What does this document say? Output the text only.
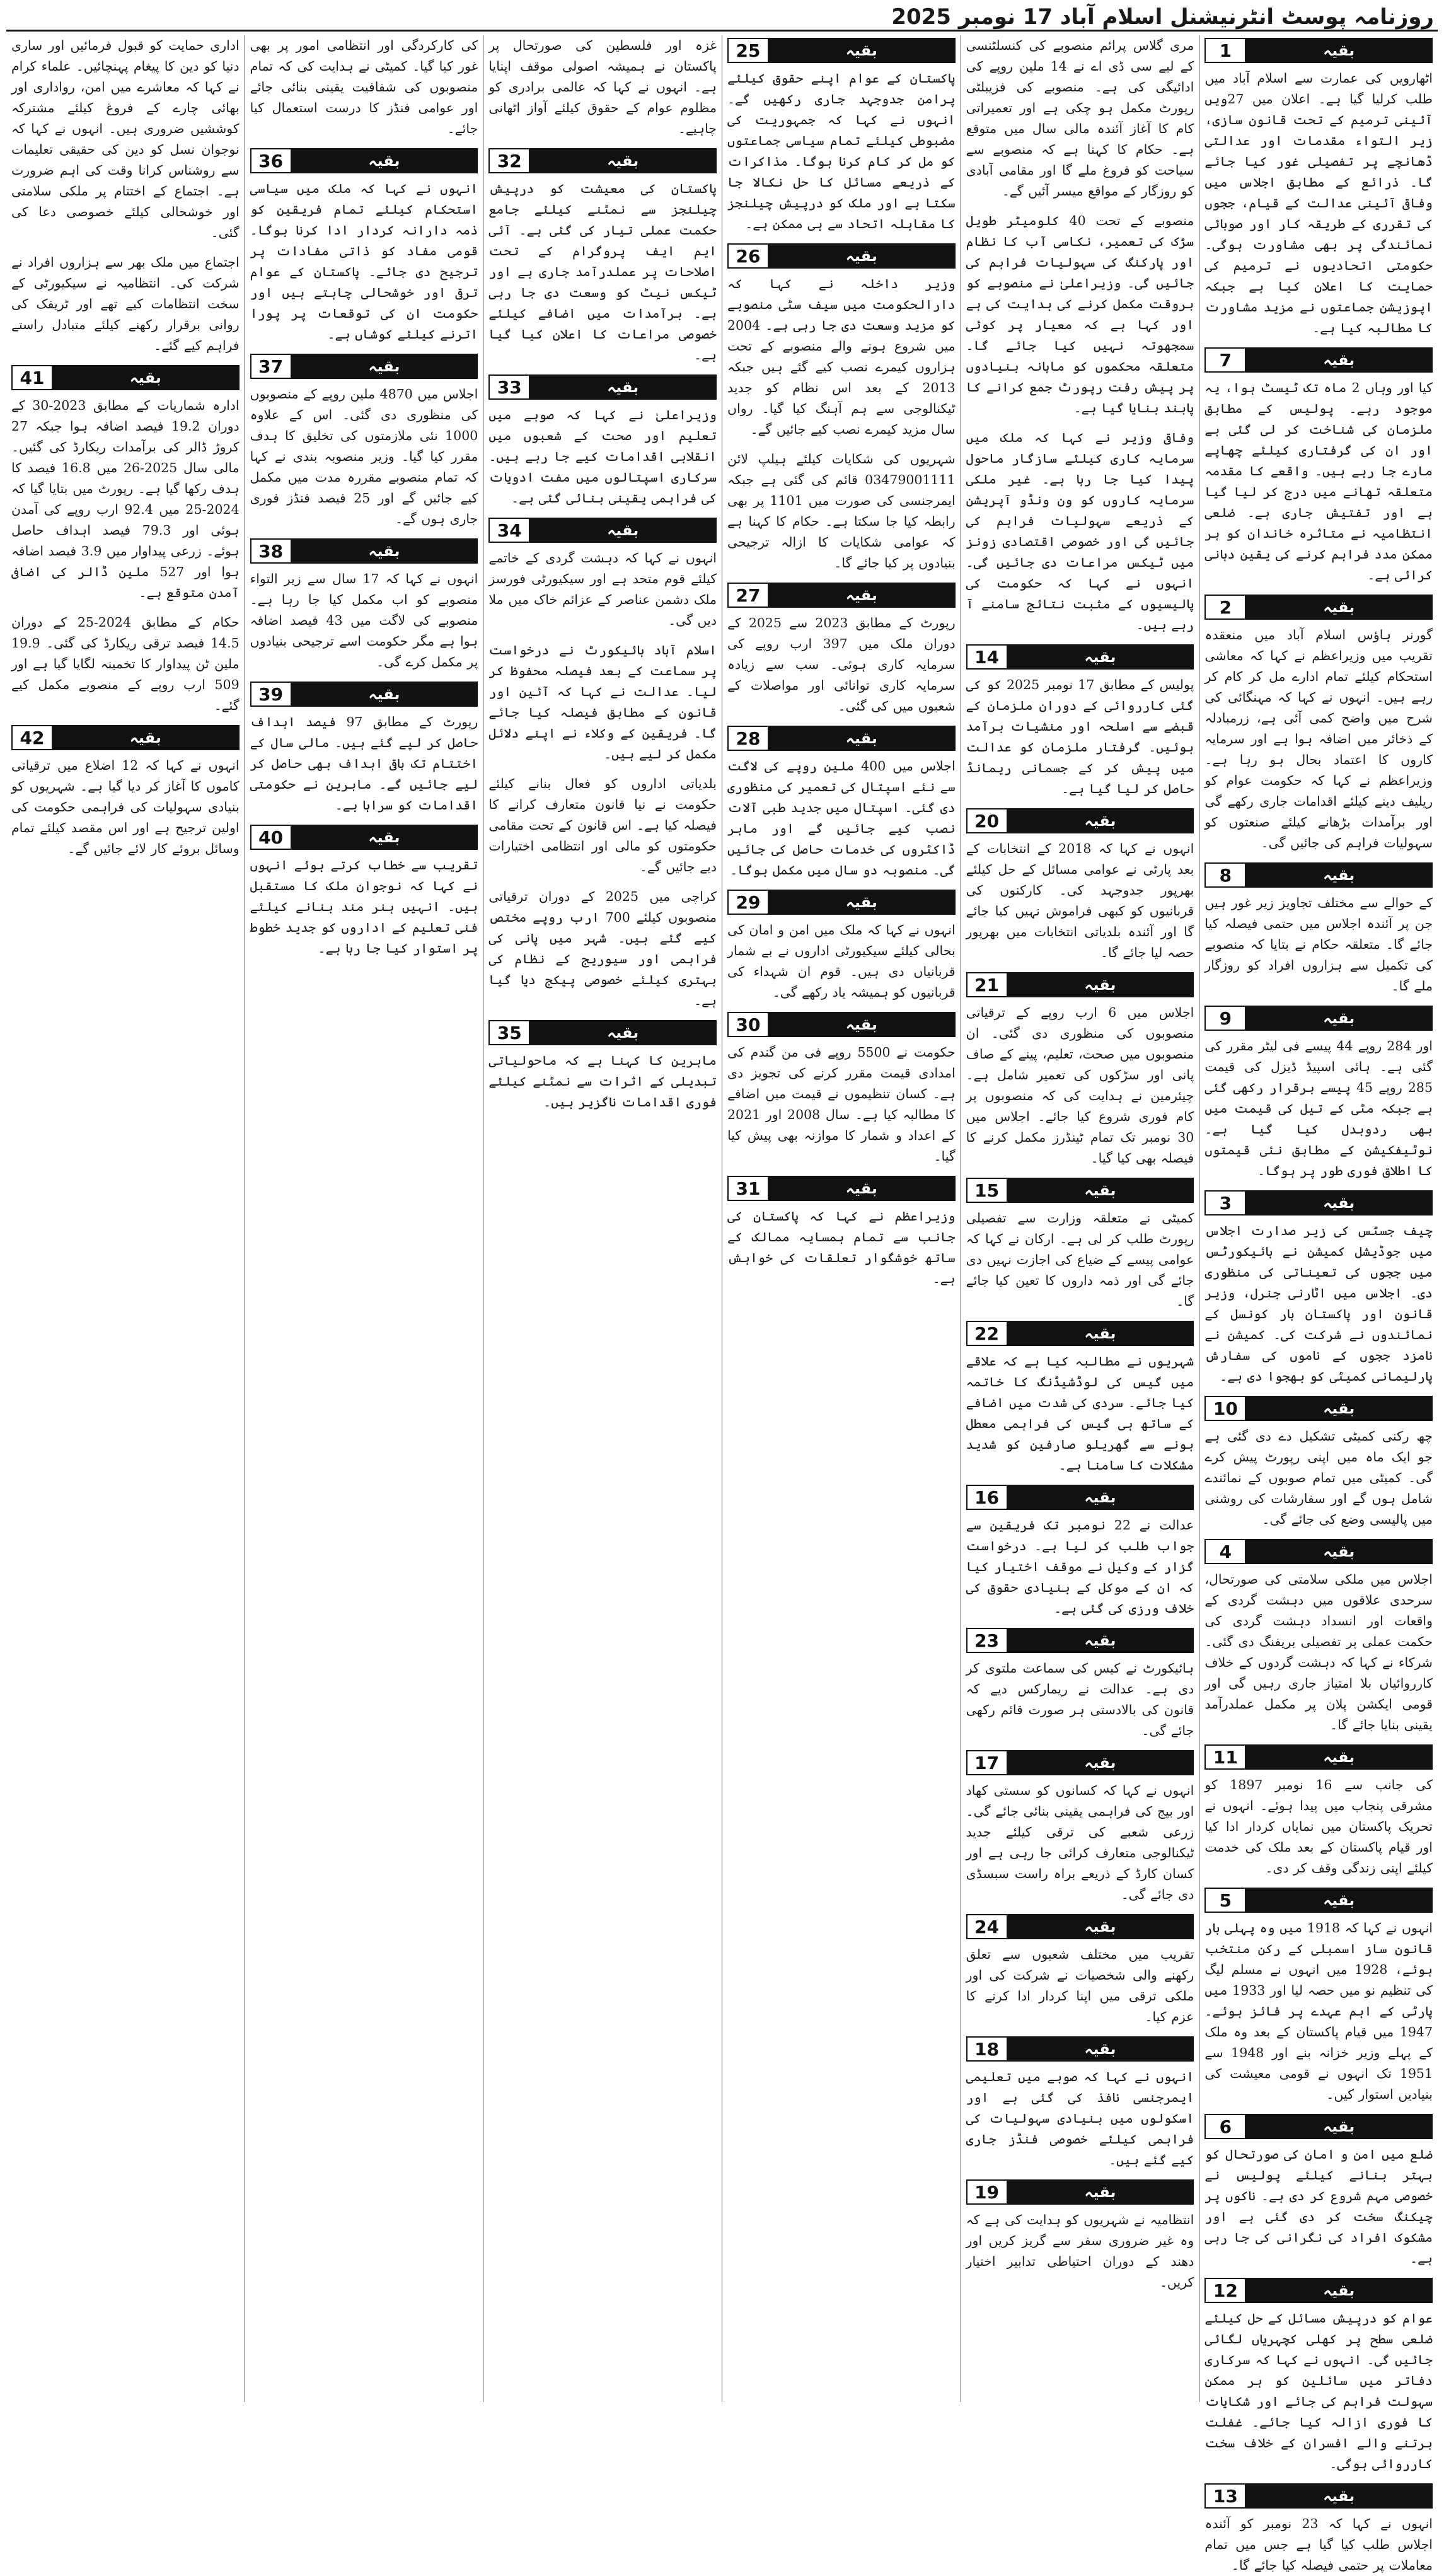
روزنامہ پوسٹ انٹرنیشنل اسلام آباد 17 نومبر 2025
1	بقیہ
اٹھارویں کی عمارت سے اسلام آباد میں طلب کرلیا گیا ہے۔ اعلان میں 27ویں آئینی ترمیم کے تحت قانون سازی، زیر التواء مقدمات اور عدالتی ڈھانچے پر تفصیلی غور کیا جائے گا۔ ذرائع کے مطابق اجلاس میں وفاقی آئینی عدالت کے قیام، ججوں کی تقرری کے طریقہ کار اور صوبائی نمائندگی پر بھی مشاورت ہوگی۔ حکومتی اتحادیوں نے ترمیم کی حمایت کا اعلان کیا ہے جبکہ اپوزیشن جماعتوں نے مزید مشاورت کا مطالبہ کیا ہے۔
7	بقیہ
کیا اور وہاں 2 ماہ تک ٹیسٹ ہوا، یہ موجود رہے۔ پولیس کے مطابق ملزمان کی شناخت کر لی گئی ہے اور ان کی گرفتاری کیلئے چھاپے مارے جا رہے ہیں۔ واقعے کا مقدمہ متعلقہ تھانے میں درج کر لیا گیا ہے اور تفتیش جاری ہے۔ ضلعی انتظامیہ نے متاثرہ خاندان کو ہر ممکن مدد فراہم کرنے کی یقین دہانی کرائی ہے۔
2	بقیہ
گورنر ہاؤس اسلام آباد میں منعقدہ تقریب میں وزیراعظم نے کہا کہ معاشی استحکام کیلئے تمام ادارے مل کر کام کر رہے ہیں۔ انہوں نے کہا کہ مہنگائی کی شرح میں واضح کمی آئی ہے، زرمبادلہ کے ذخائر میں اضافہ ہوا ہے اور سرمایہ کاروں کا اعتماد بحال ہو رہا ہے۔ وزیراعظم نے کہا کہ حکومت عوام کو ریلیف دینے کیلئے اقدامات جاری رکھے گی اور برآمدات بڑھانے کیلئے صنعتوں کو سہولیات فراہم کی جائیں گی۔
8	بقیہ
کے حوالے سے مختلف تجاویز زیر غور ہیں جن پر آئندہ اجلاس میں حتمی فیصلہ کیا جائے گا۔ متعلقہ حکام نے بتایا کہ منصوبے کی تکمیل سے ہزاروں افراد کو روزگار ملے گا۔
9	بقیہ
اور 284 روپے 44 پیسے فی لیٹر مقرر کی گئی ہے۔ ہائی اسپیڈ ڈیزل کی قیمت 285 روپے 45 پیسے برقرار رکھی گئی ہے جبکہ مٹی کے تیل کی قیمت میں بھی ردوبدل کیا گیا ہے۔ نوٹیفکیشن کے مطابق نئی قیمتوں کا اطلاق فوری طور پر ہوگا۔
3	بقیہ
چیف جسٹس کی زیر صدارت اجلاس میں جوڈیشل کمیشن نے ہائیکورٹس میں ججوں کی تعیناتی کی منظوری دی۔ اجلاس میں اٹارنی جنرل، وزیر قانون اور پاکستان بار کونسل کے نمائندوں نے شرکت کی۔ کمیشن نے نامزد ججوں کے ناموں کی سفارش پارلیمانی کمیٹی کو بھجوا دی ہے۔
10	بقیہ
چھ رکنی کمیٹی تشکیل دے دی گئی ہے جو ایک ماہ میں اپنی رپورٹ پیش کرے گی۔ کمیٹی میں تمام صوبوں کے نمائندے شامل ہوں گے اور سفارشات کی روشنی میں پالیسی وضع کی جائے گی۔
4	بقیہ
اجلاس میں ملکی سلامتی کی صورتحال، سرحدی علاقوں میں دہشت گردی کے واقعات اور انسداد دہشت گردی کی حکمت عملی پر تفصیلی بریفنگ دی گئی۔ شرکاء نے کہا کہ دہشت گردوں کے خلاف کارروائیاں بلا امتیاز جاری رہیں گی اور قومی ایکشن پلان پر مکمل عملدرآمد یقینی بنایا جائے گا۔
11	بقیہ
کی جانب سے 16 نومبر 1897 کو مشرقی پنجاب میں پیدا ہوئے۔ انہوں نے تحریک پاکستان میں نمایاں کردار ادا کیا اور قیام پاکستان کے بعد ملک کی خدمت کیلئے اپنی زندگی وقف کر دی۔
5	بقیہ
انہوں نے کہا کہ 1918 میں وہ پہلی بار قانون ساز اسمبلی کے رکن منتخب ہوئے، 1928 میں انہوں نے مسلم لیگ کی تنظیم نو میں حصہ لیا اور 1933 میں پارٹی کے اہم عہدے پر فائز ہوئے۔ 1947 میں قیام پاکستان کے بعد وہ ملک کے پہلے وزیر خزانہ بنے اور 1948 سے 1951 تک انہوں نے قومی معیشت کی بنیادیں استوار کیں۔
6	بقیہ
ضلع میں امن و امان کی صورتحال کو بہتر بنانے کیلئے پولیس نے خصوصی مہم شروع کر دی ہے۔ ناکوں پر چیکنگ سخت کر دی گئی ہے اور مشکوک افراد کی نگرانی کی جا رہی ہے۔
12	بقیہ
عوام کو درپیش مسائل کے حل کیلئے ضلعی سطح پر کھلی کچہریاں لگائی جائیں گی۔ انہوں نے کہا کہ سرکاری دفاتر میں سائلین کو ہر ممکن سہولت فراہم کی جائے اور شکایات کا فوری ازالہ کیا جائے۔ غفلت برتنے والے افسران کے خلاف سخت کارروائی ہوگی۔
13	بقیہ
انہوں نے کہا کہ 23 نومبر کو آئندہ اجلاس طلب کیا گیا ہے جس میں تمام معاملات پر حتمی فیصلہ کیا جائے گا۔
مری گلاس پرائم منصوبے کی کنسلٹنسی کے لیے سی ڈی اے نے 14 ملین روپے کی ادائیگی کی ہے۔ منصوبے کی فزیبلٹی رپورٹ مکمل ہو چکی ہے اور تعمیراتی کام کا آغاز آئندہ مالی سال میں متوقع ہے۔ حکام کا کہنا ہے کہ منصوبے سے سیاحت کو فروغ ملے گا اور مقامی آبادی کو روزگار کے مواقع میسر آئیں گے۔
منصوبے کے تحت 40 کلومیٹر طویل سڑک کی تعمیر، نکاسی آب کا نظام اور پارکنگ کی سہولیات فراہم کی جائیں گی۔ وزیراعلیٰ نے منصوبے کو بروقت مکمل کرنے کی ہدایت کی ہے اور کہا ہے کہ معیار پر کوئی سمجھوتہ نہیں کیا جائے گا۔ متعلقہ محکموں کو ماہانہ بنیادوں پر پیش رفت رپورٹ جمع کرانے کا پابند بنایا گیا ہے۔
وفاقی وزیر نے کہا کہ ملک میں سرمایہ کاری کیلئے سازگار ماحول پیدا کیا جا رہا ہے۔ غیر ملکی سرمایہ کاروں کو ون ونڈو آپریشن کے ذریعے سہولیات فراہم کی جائیں گی اور خصوصی اقتصادی زونز میں ٹیکس مراعات دی جائیں گی۔ انہوں نے کہا کہ حکومت کی پالیسیوں کے مثبت نتائج سامنے آ رہے ہیں۔
14	بقیہ
پولیس کے مطابق 17 نومبر 2025 کو کی گئی کارروائی کے دوران ملزمان کے قبضے سے اسلحہ اور منشیات برآمد ہوئیں۔ گرفتار ملزمان کو عدالت میں پیش کر کے جسمانی ریمانڈ حاصل کر لیا گیا ہے۔
20	بقیہ
انہوں نے کہا کہ 2018 کے انتخابات کے بعد پارٹی نے عوامی مسائل کے حل کیلئے بھرپور جدوجہد کی۔ کارکنوں کی قربانیوں کو کبھی فراموش نہیں کیا جائے گا اور آئندہ بلدیاتی انتخابات میں بھرپور حصہ لیا جائے گا۔
21	بقیہ
اجلاس میں 6 ارب روپے کے ترقیاتی منصوبوں کی منظوری دی گئی۔ ان منصوبوں میں صحت، تعلیم، پینے کے صاف پانی اور سڑکوں کی تعمیر شامل ہے۔ چیئرمین نے ہدایت کی کہ منصوبوں پر کام فوری شروع کیا جائے۔ اجلاس میں 30 نومبر تک تمام ٹینڈرز مکمل کرنے کا فیصلہ بھی کیا گیا۔
15	بقیہ
کمیٹی نے متعلقہ وزارت سے تفصیلی رپورٹ طلب کر لی ہے۔ ارکان نے کہا کہ عوامی پیسے کے ضیاع کی اجازت نہیں دی جائے گی اور ذمہ داروں کا تعین کیا جائے گا۔
22	بقیہ
شہریوں نے مطالبہ کیا ہے کہ علاقے میں گیس کی لوڈشیڈنگ کا خاتمہ کیا جائے۔ سردی کی شدت میں اضافے کے ساتھ ہی گیس کی فراہمی معطل ہونے سے گھریلو صارفین کو شدید مشکلات کا سامنا ہے۔
16	بقیہ
عدالت نے 22 نومبر تک فریقین سے جواب طلب کر لیا ہے۔ درخواست گزار کے وکیل نے موقف اختیار کیا کہ ان کے موکل کے بنیادی حقوق کی خلاف ورزی کی گئی ہے۔
23	بقیہ
ہائیکورٹ نے کیس کی سماعت ملتوی کر دی ہے۔ عدالت نے ریمارکس دیے کہ قانون کی بالادستی ہر صورت قائم رکھی جائے گی۔
17	بقیہ
انہوں نے کہا کہ کسانوں کو سستی کھاد اور بیج کی فراہمی یقینی بنائی جائے گی۔ زرعی شعبے کی ترقی کیلئے جدید ٹیکنالوجی متعارف کرائی جا رہی ہے اور کسان کارڈ کے ذریعے براہ راست سبسڈی دی جائے گی۔
24	بقیہ
تقریب میں مختلف شعبوں سے تعلق رکھنے والی شخصیات نے شرکت کی اور ملکی ترقی میں اپنا کردار ادا کرنے کا عزم کیا۔
18	بقیہ
انہوں نے کہا کہ صوبے میں تعلیمی ایمرجنسی نافذ کی گئی ہے اور اسکولوں میں بنیادی سہولیات کی فراہمی کیلئے خصوصی فنڈز جاری کیے گئے ہیں۔
19	بقیہ
انتظامیہ نے شہریوں کو ہدایت کی ہے کہ وہ غیر ضروری سفر سے گریز کریں اور دھند کے دوران احتیاطی تدابیر اختیار کریں۔
25	بقیہ
پاکستان کے عوام اپنے حقوق کیلئے پرامن جدوجہد جاری رکھیں گے۔ انہوں نے کہا کہ جمہوریت کی مضبوطی کیلئے تمام سیاسی جماعتوں کو مل کر کام کرنا ہوگا۔ مذاکرات کے ذریعے مسائل کا حل نکالا جا سکتا ہے اور ملک کو درپیش چیلنجز کا مقابلہ اتحاد سے ہی ممکن ہے۔
26	بقیہ
وزیر داخلہ نے کہا کہ دارالحکومت میں سیف سٹی منصوبے کو مزید وسعت دی جا رہی ہے۔ 2004 میں شروع ہونے والے منصوبے کے تحت ہزاروں کیمرے نصب کیے گئے ہیں جبکہ 2013 کے بعد اس نظام کو جدید ٹیکنالوجی سے ہم آہنگ کیا گیا۔ رواں سال مزید کیمرے نصب کیے جائیں گے۔
شہریوں کی شکایات کیلئے ہیلپ لائن 03479001111 قائم کی گئی ہے جبکہ ایمرجنسی کی صورت میں 1101 پر بھی رابطہ کیا جا سکتا ہے۔ حکام کا کہنا ہے کہ عوامی شکایات کا ازالہ ترجیحی بنیادوں پر کیا جائے گا۔
27	بقیہ
رپورٹ کے مطابق 2023 سے 2025 کے دوران ملک میں 397 ارب روپے کی سرمایہ کاری ہوئی۔ سب سے زیادہ سرمایہ کاری توانائی اور مواصلات کے شعبوں میں کی گئی۔
28	بقیہ
اجلاس میں 400 ملین روپے کی لاگت سے نئے اسپتال کی تعمیر کی منظوری دی گئی۔ اسپتال میں جدید طبی آلات نصب کیے جائیں گے اور ماہر ڈاکٹروں کی خدمات حاصل کی جائیں گی۔ منصوبہ دو سال میں مکمل ہوگا۔
29	بقیہ
انہوں نے کہا کہ ملک میں امن و امان کی بحالی کیلئے سیکیورٹی اداروں نے بے شمار قربانیاں دی ہیں۔ قوم ان شہداء کی قربانیوں کو ہمیشہ یاد رکھے گی۔
30	بقیہ
حکومت نے 5500 روپے فی من گندم کی امدادی قیمت مقرر کرنے کی تجویز دی ہے۔ کسان تنظیموں نے قیمت میں اضافے کا مطالبہ کیا ہے۔ سال 2008 اور 2021 کے اعداد و شمار کا موازنہ بھی پیش کیا گیا۔
31	بقیہ
وزیراعظم نے کہا کہ پاکستان کی جانب سے تمام ہمسایہ ممالک کے ساتھ خوشگوار تعلقات کی خواہش ہے۔
غزہ اور فلسطین کی صورتحال پر پاکستان نے ہمیشہ اصولی موقف اپنایا ہے۔ انہوں نے کہا کہ عالمی برادری کو مظلوم عوام کے حقوق کیلئے آواز اٹھانی چاہیے۔
32	بقیہ
پاکستان کی معیشت کو درپیش چیلنجز سے نمٹنے کیلئے جامع حکمت عملی تیار کی گئی ہے۔ آئی ایم ایف پروگرام کے تحت اصلاحات پر عملدرآمد جاری ہے اور ٹیکس نیٹ کو وسعت دی جا رہی ہے۔ برآمدات میں اضافے کیلئے خصوصی مراعات کا اعلان کیا گیا ہے۔
33	بقیہ
وزیراعلیٰ نے کہا کہ صوبے میں تعلیم اور صحت کے شعبوں میں انقلابی اقدامات کیے جا رہے ہیں۔ سرکاری اسپتالوں میں مفت ادویات کی فراہمی یقینی بنائی گئی ہے۔
34	بقیہ
انہوں نے کہا کہ دہشت گردی کے خاتمے کیلئے قوم متحد ہے اور سیکیورٹی فورسز ملک دشمن عناصر کے عزائم خاک میں ملا دیں گی۔
اسلام آباد ہائیکورٹ نے درخواست پر سماعت کے بعد فیصلہ محفوظ کر لیا۔ عدالت نے کہا کہ آئین اور قانون کے مطابق فیصلہ کیا جائے گا۔ فریقین کے وکلاء نے اپنے دلائل مکمل کر لیے ہیں۔
بلدیاتی اداروں کو فعال بنانے کیلئے حکومت نے نیا قانون متعارف کرانے کا فیصلہ کیا ہے۔ اس قانون کے تحت مقامی حکومتوں کو مالی اور انتظامی اختیارات دیے جائیں گے۔
کراچی میں 2025 کے دوران ترقیاتی منصوبوں کیلئے 700 ارب روپے مختص کیے گئے ہیں۔ شہر میں پانی کی فراہمی اور سیوریج کے نظام کی بہتری کیلئے خصوصی پیکج دیا گیا ہے۔
35	بقیہ
ماہرین کا کہنا ہے کہ ماحولیاتی تبدیلی کے اثرات سے نمٹنے کیلئے فوری اقدامات ناگزیر ہیں۔
کی کارکردگی اور انتظامی امور پر بھی غور کیا گیا۔ کمیٹی نے ہدایت کی کہ تمام منصوبوں کی شفافیت یقینی بنائی جائے اور عوامی فنڈز کا درست استعمال کیا جائے۔
36	بقیہ
انہوں نے کہا کہ ملک میں سیاسی استحکام کیلئے تمام فریقین کو ذمہ دارانہ کردار ادا کرنا ہوگا۔ قومی مفاد کو ذاتی مفادات پر ترجیح دی جائے۔ پاکستان کے عوام ترقی اور خوشحالی چاہتے ہیں اور حکومت ان کی توقعات پر پورا اترنے کیلئے کوشاں ہے۔
37	بقیہ
اجلاس میں 4870 ملین روپے کے منصوبوں کی منظوری دی گئی۔ اس کے علاوہ 1000 نئی ملازمتوں کی تخلیق کا ہدف مقرر کیا گیا۔ وزیر منصوبہ بندی نے کہا کہ تمام منصوبے مقررہ مدت میں مکمل کیے جائیں گے اور 25 فیصد فنڈز فوری جاری ہوں گے۔
38	بقیہ
انہوں نے کہا کہ 17 سال سے زیر التواء منصوبے کو اب مکمل کیا جا رہا ہے۔ منصوبے کی لاگت میں 43 فیصد اضافہ ہوا ہے مگر حکومت اسے ترجیحی بنیادوں پر مکمل کرے گی۔
39	بقیہ
رپورٹ کے مطابق 97 فیصد اہداف حاصل کر لیے گئے ہیں۔ مالی سال کے اختتام تک باقی اہداف بھی حاصل کر لیے جائیں گے۔ ماہرین نے حکومتی اقدامات کو سراہا ہے۔
40	بقیہ
تقریب سے خطاب کرتے ہوئے انہوں نے کہا کہ نوجوان ملک کا مستقبل ہیں۔ انہیں ہنر مند بنانے کیلئے فنی تعلیم کے اداروں کو جدید خطوط پر استوار کیا جا رہا ہے۔
اداری حمایت کو قبول فرمائیں اور ساری دنیا کو دین کا پیغام پہنچائیں۔ علماء کرام نے کہا کہ معاشرے میں امن، رواداری اور بھائی چارے کے فروغ کیلئے مشترکہ کوششیں ضروری ہیں۔ انہوں نے کہا کہ نوجوان نسل کو دین کی حقیقی تعلیمات سے روشناس کرانا وقت کی اہم ضرورت ہے۔ اجتماع کے اختتام پر ملکی سلامتی اور خوشحالی کیلئے خصوصی دعا کی گئی۔
اجتماع میں ملک بھر سے ہزاروں افراد نے شرکت کی۔ انتظامیہ نے سیکیورٹی کے سخت انتظامات کیے تھے اور ٹریفک کی روانی برقرار رکھنے کیلئے متبادل راستے فراہم کیے گئے۔
41	بقیہ
ادارہ شماریات کے مطابق 2023-30 کے دوران 19.2 فیصد اضافہ ہوا جبکہ 27 کروڑ ڈالر کی برآمدات ریکارڈ کی گئیں۔ مالی سال 2025-26 میں 16.8 فیصد کا ہدف رکھا گیا ہے۔ رپورٹ میں بتایا گیا کہ 2024-25 میں 92.4 ارب روپے کی آمدن ہوئی اور 79.3 فیصد اہداف حاصل ہوئے۔ زرعی پیداوار میں 3.9 فیصد اضافہ ہوا اور 527 ملین ڈالر کی اضافی آمدن متوقع ہے۔
حکام کے مطابق 2024-25 کے دوران 14.5 فیصد ترقی ریکارڈ کی گئی۔ 19.9 ملین ٹن پیداوار کا تخمینہ لگایا گیا ہے اور 509 ارب روپے کے منصوبے مکمل کیے گئے۔
42	بقیہ
انہوں نے کہا کہ 12 اضلاع میں ترقیاتی کاموں کا آغاز کر دیا گیا ہے۔ شہریوں کو بنیادی سہولیات کی فراہمی حکومت کی اولین ترجیح ہے اور اس مقصد کیلئے تمام وسائل بروئے کار لائے جائیں گے۔
